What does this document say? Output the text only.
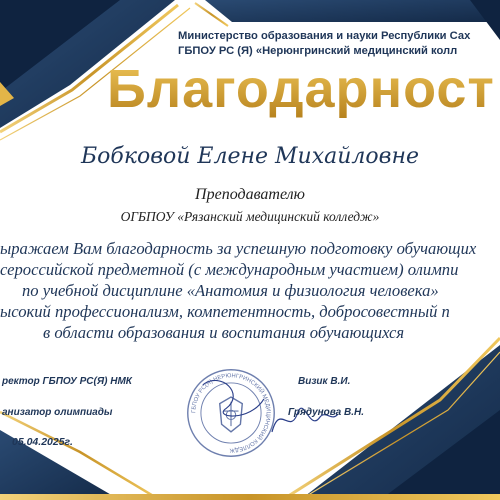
Министерство образования и науки Республики Сах
ГБПОУ РС (Я) «Нерюнгринский медицинский колл
Благодарност
Бобковой Елене Михайловне
Преподавателю
ОГБПОУ «Рязанский медицинский колледж»
ыражаем Вам благодарность за успешную подготовку обучающих
сероссийской предметной (с международным участием) олимпи
по учебной дисциплине «Анатомия и физиология человека»
ысокий профессионализм, компетентность, добросовестный п
в области образования и воспитания обучающихся
ГБПОУ РС(Я) НЕРЮНГРИНСКИЙ МЕДИЦИНСКИЙ КОЛЛЕДЖ
ректор ГБПОУ РС(Я) НМК	Визик В.И.
анизатор олимпиады	Грядунова В.Н.
05.04.2025г.
